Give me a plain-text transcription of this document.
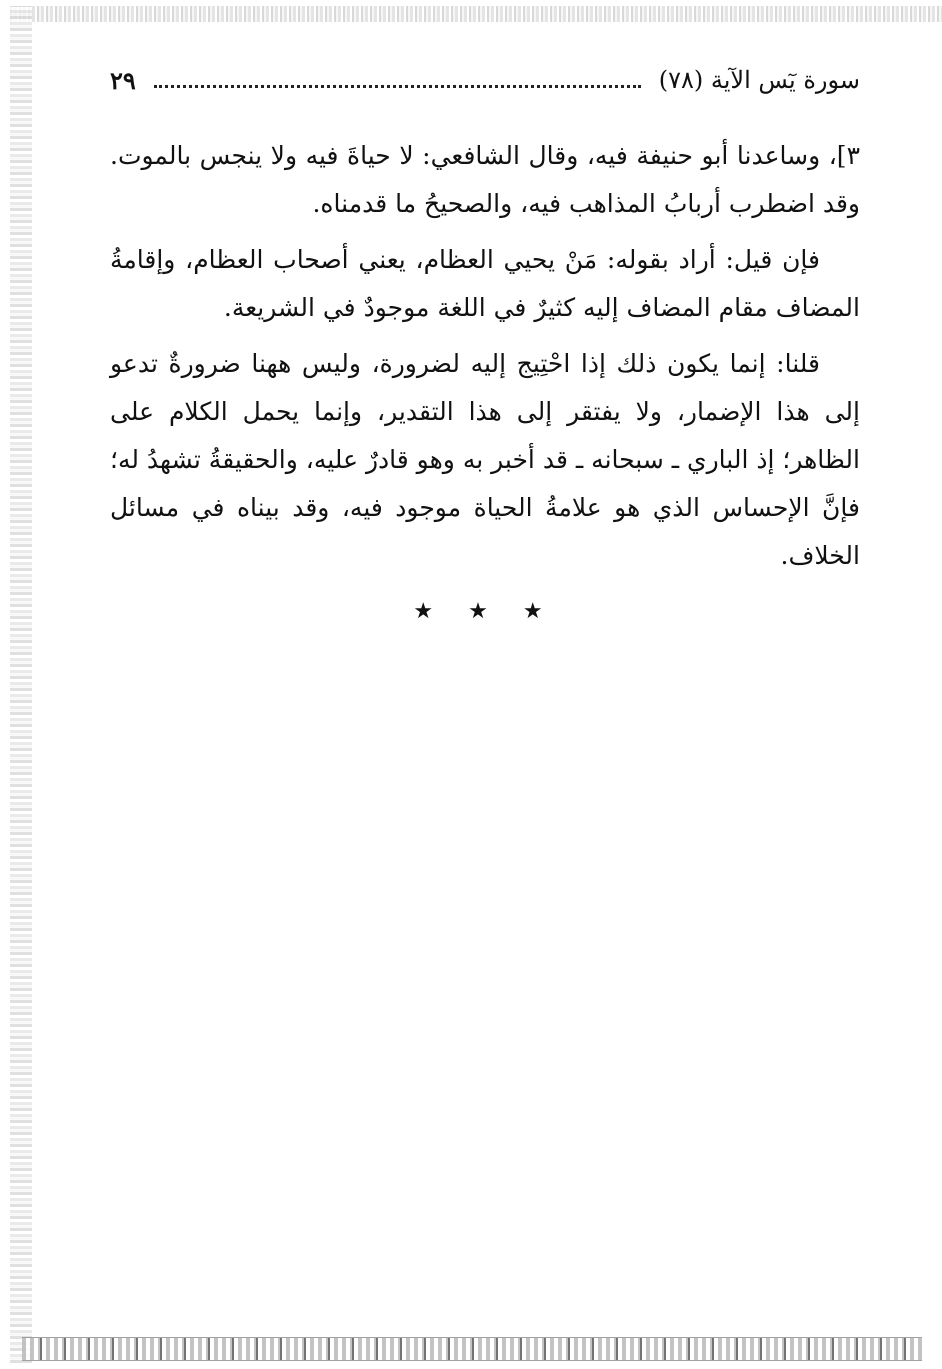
سورة يٓس الآية (٧٨)
٢٩

٣]، وساعدنا أبو حنيفة فيه، وقال الشافعي: لا حياةَ فيه ولا ينجس بالموت. وقد اضطرب أربابُ المذاهب فيه، والصحيحُ ما قدمناه.

فإن قيل: أراد بقوله: مَنْ يحيي العظام، يعني أصحاب العظام، وإقامةُ المضاف مقام المضاف إليه كثيرٌ في اللغة موجودٌ في الشريعة.

قلنا: إنما يكون ذلك إذا احْتِيج إليه لضرورة، وليس ههنا ضرورةٌ تدعو إلى هذا الإضمار، ولا يفتقر إلى هذا التقدير، وإنما يحمل الكلام على الظاهر؛ إذ الباري ـ سبحانه ـ قد أخبر به وهو قادرٌ عليه، والحقيقةُ تشهدُ له؛ فإنَّ الإحساس الذي هو علامةُ الحياة موجود فيه، وقد بيناه في مسائل الخلاف.

★ ★ ★
